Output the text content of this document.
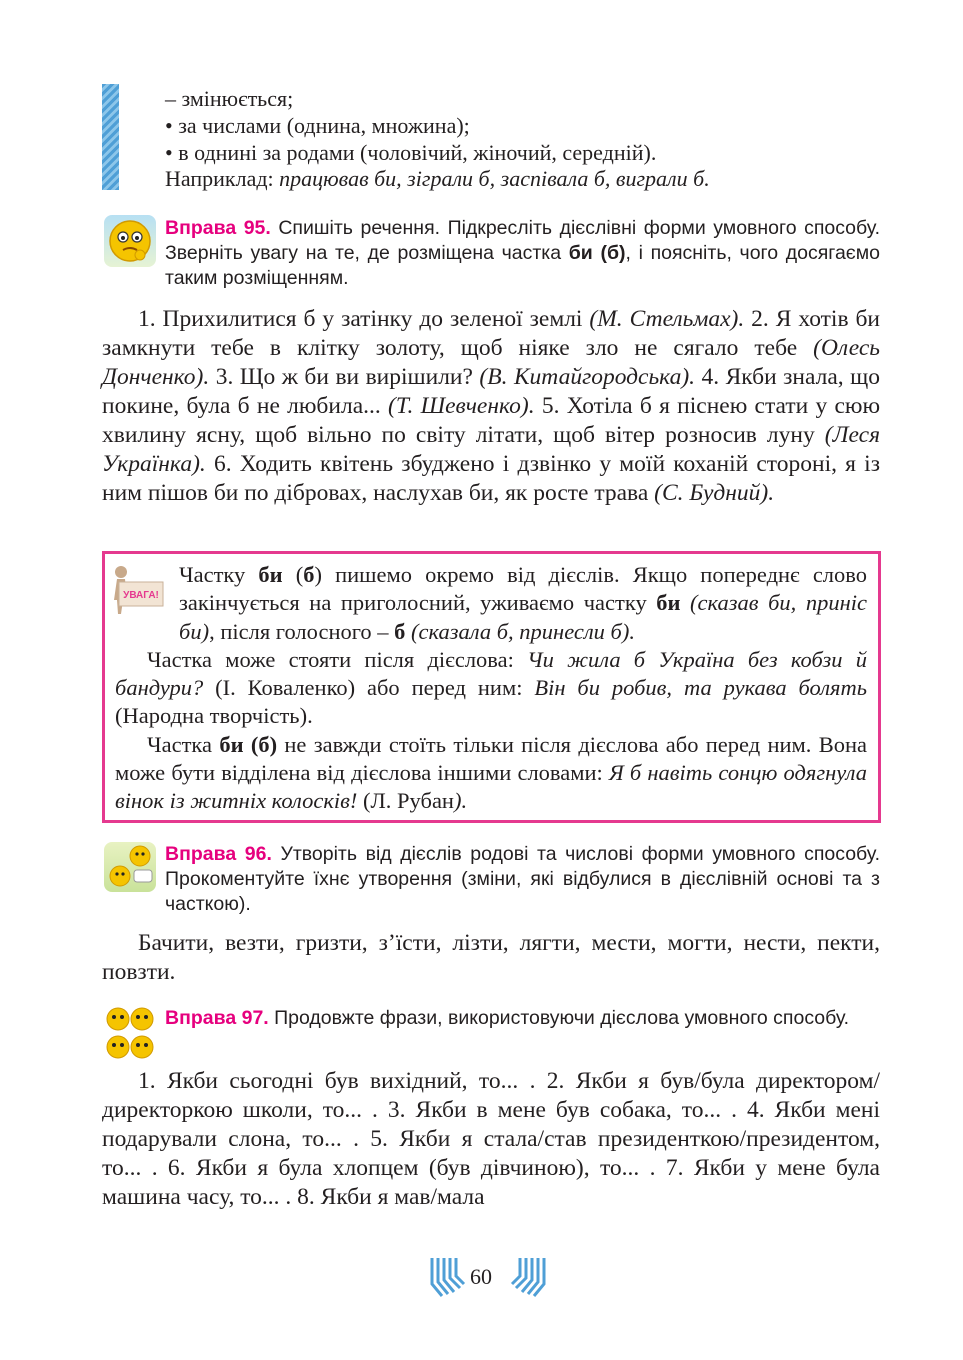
– змінюється;
• за числами (однина, множина);
• в однині за родами (чоловічий, жіночий, середній).
Наприклад: працював би, зіграли б, заспівала б, виграли б.
Вправа 95. Спишіть речення. Підкресліть дієслівні форми умовного способу. Зверніть увагу на те, де розміщена частка би (б), і поясніть, чого досягаємо таким розміщенням.

1. Прихилитися б у затінку до зеленої землі (М. Стельмах). 2. Я хотів би замкнути тебе в клітку золоту, щоб ніяке зло не сягало тебе (Олесь Донченко). 3. Що ж би ви вирішили? (В. Китайгородська). 4. Якби знала, що покине, була б не любила... (Т. Шевченко). 5. Хотіла б я піснею стати у сюю хвилину ясну, щоб вільно по світу літати, щоб вітер розносив луну (Леся Українка). 6. Ходить квітень збуджено і дзвінко у моїй коханій стороні, я із ним пішов би по дібровах, наслухав би, як росте трава (С. Будний).

УВАГА!

Частку би (б) пишемо окремо від дієслів. Якщо попереднє слово закінчується на приголосний, уживаємо частку би (сказав би, приніс би), після голосного – б (сказала б, принесли б).

Частка може стояти після дієслова: Чи жила б Україна без кобзи й бандури? (І. Коваленко) або перед ним: Він би робив, та рукава болять (Народна творчість).

Частка би (б) не завжди стоїть тільки після дієслова або перед ним. Вона може бути відділена від дієслова іншими словами: Я б навіть сонцю одягнула вінок із житніх колосків! (Л. Рубан).

Вправа 96. Утворіть від дієслів родові та числові форми умовного способу. Прокоментуйте їхнє утворення (зміни, які відбулися в дієслівній основі та з часткою).

Бачити, везти, гризти, з’їсти, лізти, лягти, мести, могти, нести, пекти, повзти.

Вправа 97. Продовжте фрази, використовуючи дієслова умовного способу.

1. Якби сьогодні був вихідний, то... . 2. Якби я був/була директором/директоркою школи, то... . 3. Якби в мене був собака, то... . 4. Якби мені подарували слона, то... . 5. Якби я стала/став президенткою/президентом, то... . 6. Якби я була хлопцем (був дівчиною), то... . 7. Якби у мене була машина часу, то... . 8. Якби я мав/мала

60
